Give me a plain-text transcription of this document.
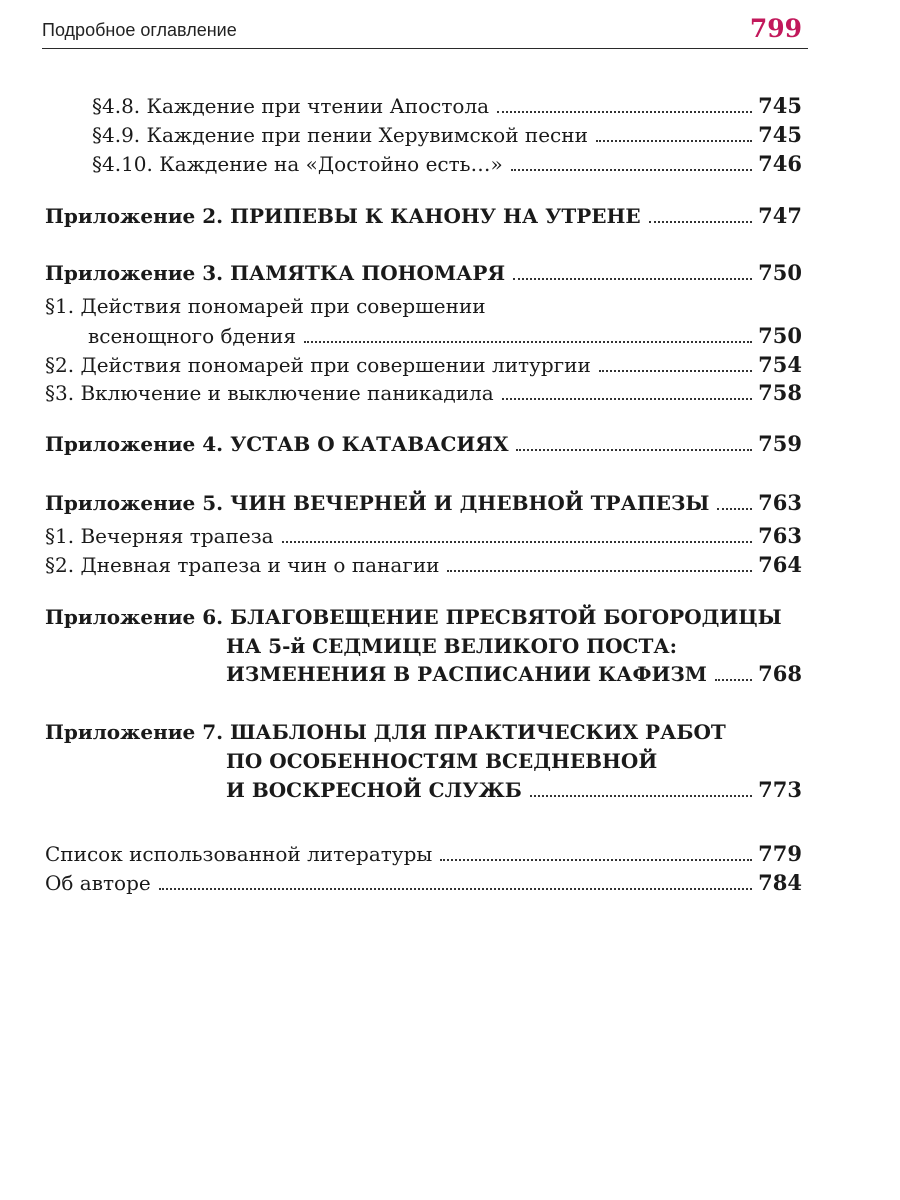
Подробное оглавление	799
§4.8. Каждение при чтении Апостола	745
§4.9. Каждение при пении Херувимской песни	745
§4.10. Каждение на «Достойно есть…»	746
Приложение 2. ПРИПЕВЫ К КАНОНУ НА УТРЕНЕ	747
Приложение 3. ПАМЯТКА ПОНОМАРЯ	750
§1. Действия пономарей при совершении
всенощного бдения	750
§2. Действия пономарей при совершении литургии	754
§3. Включение и выключение паникадила	758
Приложение 4. УСТАВ О КАТАВАСИЯХ	759
Приложение 5. ЧИН ВЕЧЕРНЕЙ И ДНЕВНОЙ ТРАПЕЗЫ 763
§1. Вечерняя трапеза	763
§2. Дневная трапеза и чин о панагии	764
Приложение 6. БЛАГОВЕЩЕНИЕ ПРЕСВЯТОЙ БОГОРОДИЦЫ
НА 5-й СЕДМИЦЕ ВЕЛИКОГО ПОСТА:
ИЗМЕНЕНИЯ В РАСПИСАНИИ КАФИЗМ 768
Приложение 7. ШАБЛОНЫ ДЛЯ ПРАКТИЧЕСКИХ РАБОТ
ПО ОСОБЕННОСТЯМ ВСЕДНЕВНОЙ
И ВОСКРЕСНОЙ СЛУЖБ	773
Список использованной литературы	779
Об авторе	784
